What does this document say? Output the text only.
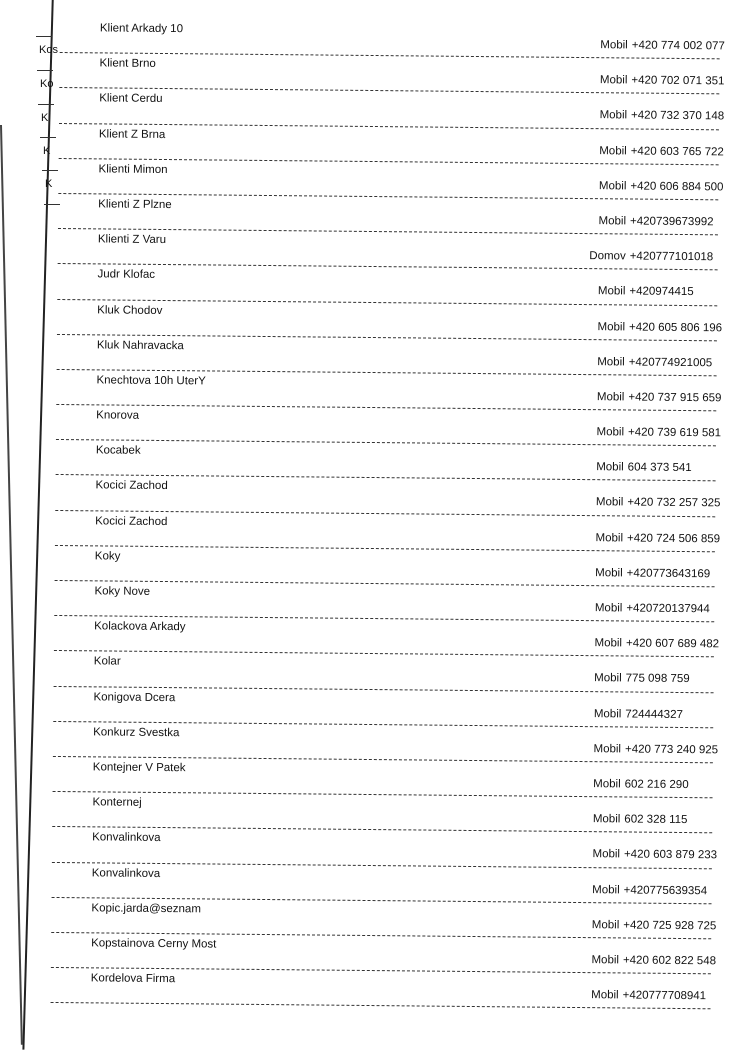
Kos
Ko
K
K
K
Klient Arkady 10
Mobil +420 774 002 077
Klient Brno
Mobil +420 702 071 351
Klient Cerdu
Mobil +420 732 370 148
Klient Z Brna
Mobil +420 603 765 722
Klienti Mimon
Mobil +420 606 884 500
Klienti Z Plzne
Mobil +420739673992
Klienti Z Varu
Domov +420777101018
Judr Klofac
Mobil +420974415
Kluk Chodov
Mobil +420 605 806 196
Kluk Nahravacka
Mobil +420774921005
Knechtova 10h UterY
Mobil +420 737 915 659
Knorova
Mobil +420 739 619 581
Kocabek
Mobil 604 373 541
Kocici Zachod
Mobil +420 732 257 325
Kocici Zachod
Mobil +420 724 506 859
Koky
Mobil +420773643169
Koky Nove
Mobil +420720137944
Kolackova Arkady
Mobil +420 607 689 482
Kolar
Mobil 775 098 759
Konigova Dcera
Mobil 724444327
Konkurz Svestka
Mobil +420 773 240 925
Kontejner V Patek
Mobil 602 216 290
Konternej
Mobil 602 328 115
Konvalinkova
Mobil +420 603 879 233
Konvalinkova
Mobil +420775639354
Kopic.jarda@seznam
Mobil +420 725 928 725
Kopstainova Cerny Most
Mobil +420 602 822 548
Kordelova Firma
Mobil +420777708941
